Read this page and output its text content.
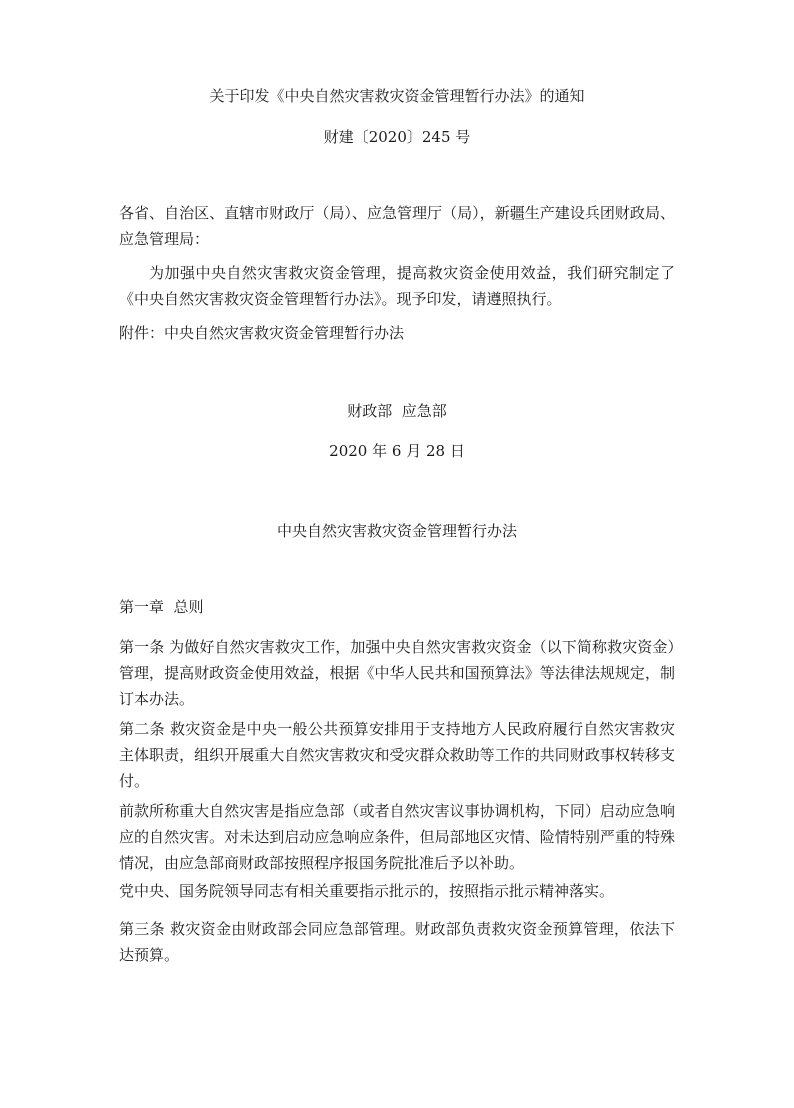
关于印发《中央自然灾害救灾资金管理暂行办法》的通知

财建〔2020〕245 号

各省、自治区、直辖市财政厅（局）、应急管理厅（局），新疆生产建设兵团财政局、应急管理局：

为加强中央自然灾害救灾资金管理，提高救灾资金使用效益，我们研究制定了《中央自然灾害救灾资金管理暂行办法》。现予印发，请遵照执行。

附件：中央自然灾害救灾资金管理暂行办法

财政部  应急部

2020 年 6 月 28 日

中央自然灾害救灾资金管理暂行办法

第一章  总则

第一条 为做好自然灾害救灾工作，加强中央自然灾害救灾资金（以下简称救灾资金）管理，提高财政资金使用效益，根据《中华人民共和国预算法》等法律法规规定，制订本办法。

第二条 救灾资金是中央一般公共预算安排用于支持地方人民政府履行自然灾害救灾主体职责，组织开展重大自然灾害救灾和受灾群众救助等工作的共同财政事权转移支付。

前款所称重大自然灾害是指应急部（或者自然灾害议事协调机构，下同）启动应急响应的自然灾害。对未达到启动应急响应条件，但局部地区灾情、险情特别严重的特殊情况，由应急部商财政部按照程序报国务院批准后予以补助。

党中央、国务院领导同志有相关重要指示批示的，按照指示批示精神落实。

第三条 救灾资金由财政部会同应急部管理。财政部负责救灾资金预算管理，依法下达预算。
